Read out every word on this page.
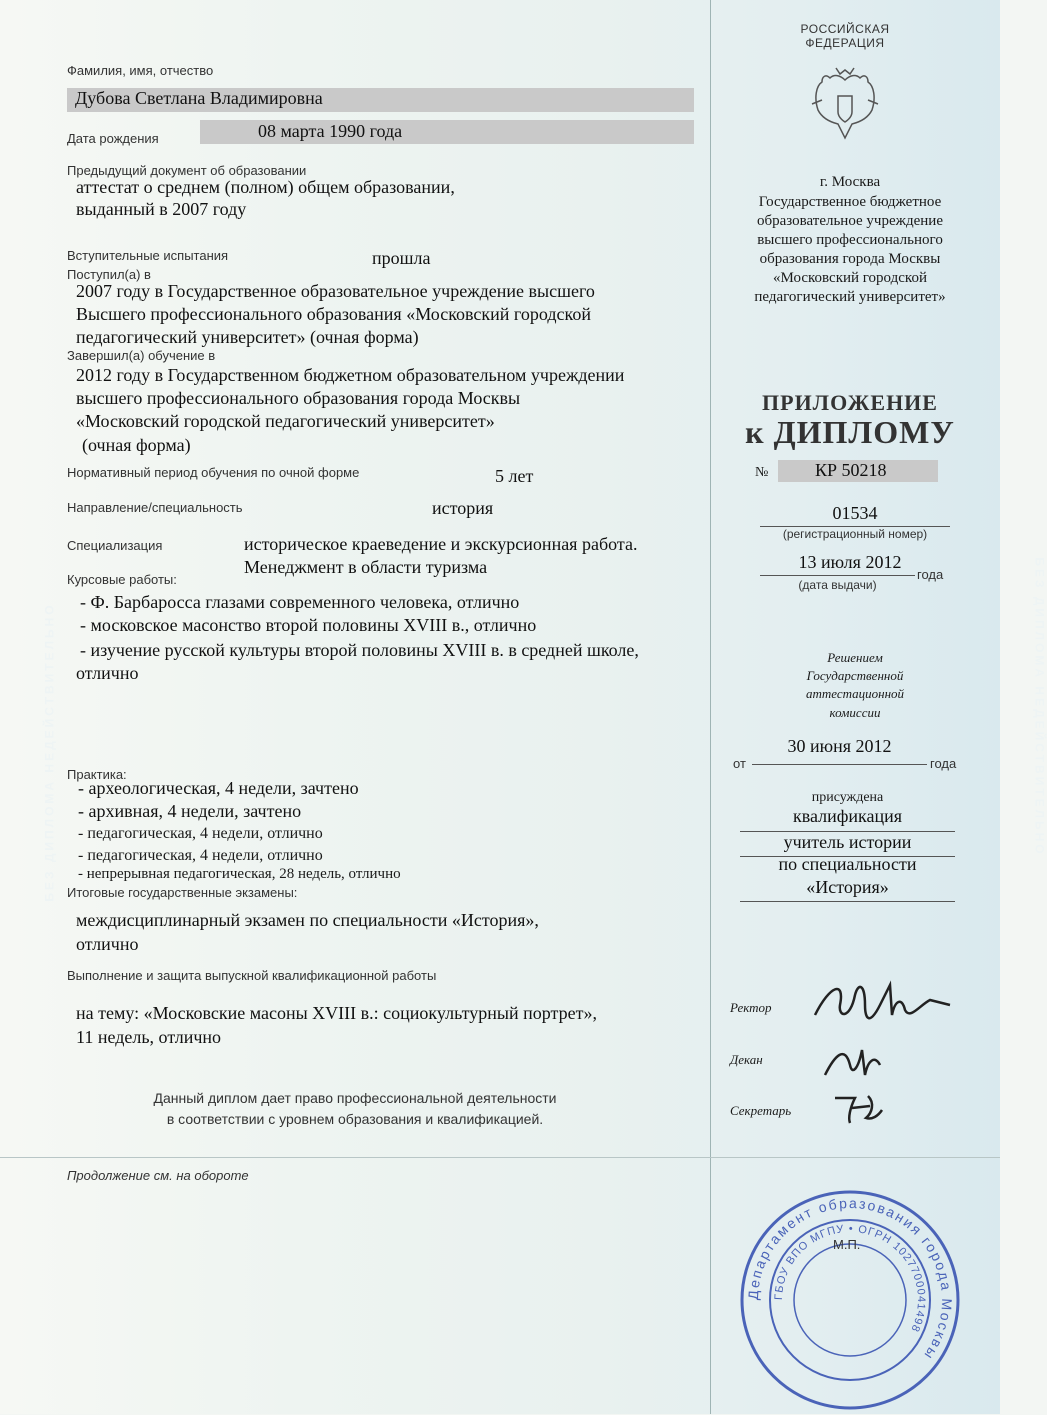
БЕЗ ДИПЛОМА НЕДЕЙСТВИТЕЛЬНО	БЕЗ ДИПЛОМА НЕДЕЙСТВИТЕЛЬНО
Фамилия, имя, отчество
Дубова Светлана Владимировна
Дата рождения	08 марта 1990 года
Предыдущий документ об образовании
аттестат о среднем (полном) общем образовании,
выданный в 2007 году
Вступительные испытания	прошла
Поступил(а) в
2007 году в Государственное образовательное учреждение высшего
Высшего профессионального образования «Московский городской
педагогический университет» (очная форма)
Завершил(а) обучение в
2012 году в Государственном бюджетном образовательном учреждении
высшего профессионального образования города Москвы
«Московский городской педагогический университет»
(очная форма)
Нормативный период обучения по очной форме	5 лет
Направление/специальность	история
Специализация	историческое краеведение и экскурсионная работа.
Менеджмент в области туризма
Курсовые работы:
- Ф. Барбаросса глазами современного человека, отлично
- московское масонство второй половины XVIII в., отлично
- изучение русской культуры второй половины XVIII в. в средней школе,
отлично
Практика:
- археологическая, 4 недели, зачтено
- архивная, 4 недели, зачтено
- педагогическая, 4 недели, отлично
- педагогическая, 4 недели, отлично
- непрерывная педагогическая, 28 недель, отлично
Итоговые государственные экзамены:
междисциплинарный экзамен по специальности «История»,
отлично
Выполнение и защита выпускной квалификационной работы
на тему: «Московские масоны XVIII в.: социокультурный портрет»,
11 недель, отлично
Данный диплом дает право профессиональной деятельности
в соответствии с уровнем образования и квалификацией.
Продолжение см. на обороте
РОССИЙСКАЯ
ФЕДЕРАЦИЯ
г. Москва
Государственное бюджетное
образовательное учреждение
высшего профессионального
образования города Москвы
«Московский городской
педагогический университет»
ПРИЛОЖЕНИЕ
к ДИПЛОМУ
№	КР 50218
01534
(регистрационный номер)
13 июля 2012
года
(дата выдачи)
Решением
Государственной
аттестационной
комиссии
от
30 июня 2012
года
присуждена
квалификация
учитель истории
по специальности
«История»
Ректор
Декан
Секретарь
Департамент образования города Москвы
ГБОУ ВПО МГПУ • ОГРН 1027700041498
М.П.
